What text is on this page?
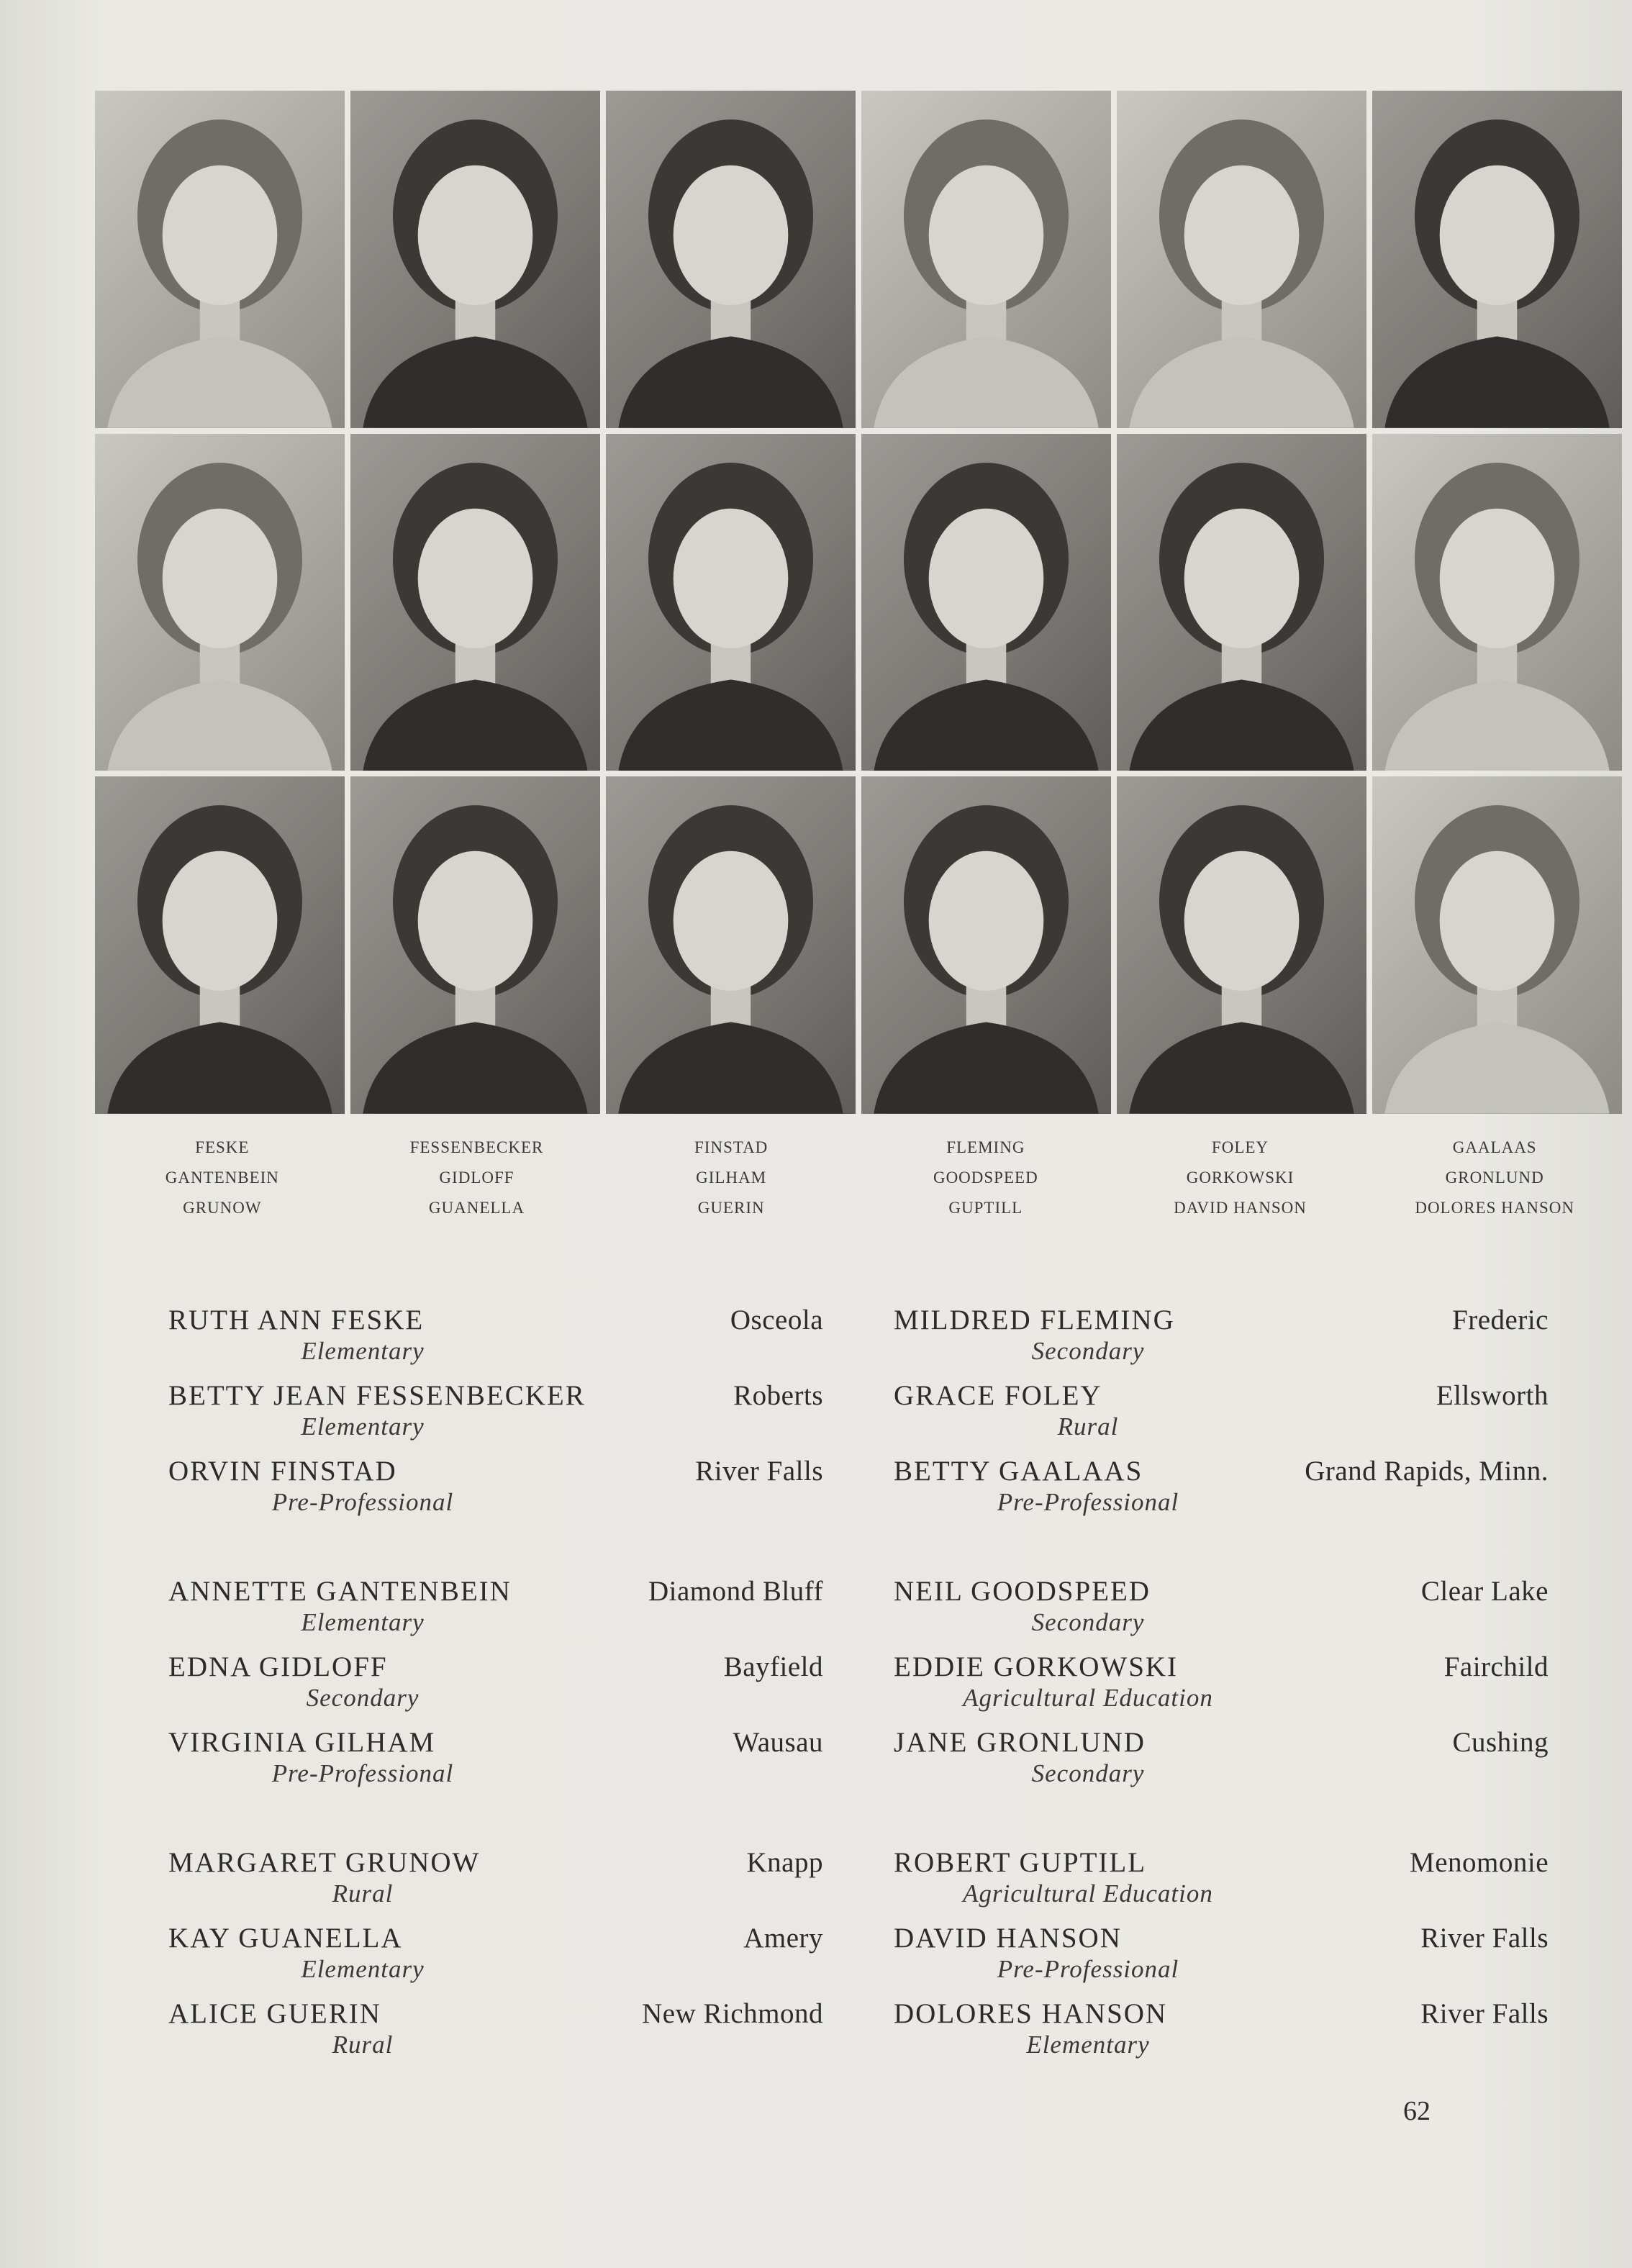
FESKE
GANTENBEIN
GRUNOW
FESSENBECKER
GIDLOFF
GUANELLA
FINSTAD
GILHAM
GUERIN
FLEMING
GOODSPEED
GUPTILL
FOLEY
GORKOWSKI
DAVID HANSON
GAALAAS
GRONLUND
DOLORES HANSON
RUTH ANN FESKE	Osceola
Elementary
BETTY JEAN FESSENBECKER	Roberts
Elementary
ORVIN FINSTAD	River Falls
Pre-Professional
ANNETTE GANTENBEIN	Diamond Bluff
Elementary
EDNA GIDLOFF	Bayfield
Secondary
VIRGINIA GILHAM	Wausau
Pre-Professional
MARGARET GRUNOW	Knapp
Rural
KAY GUANELLA	Amery
Elementary
ALICE GUERIN	New Richmond
Rural
MILDRED FLEMING	Frederic
Secondary
GRACE FOLEY	Ellsworth
Rural
BETTY GAALAAS	Grand Rapids, Minn.
Pre-Professional
NEIL GOODSPEED	Clear Lake
Secondary
EDDIE GORKOWSKI	Fairchild
Agricultural Education
JANE GRONLUND	Cushing
Secondary
ROBERT GUPTILL	Menomonie
Agricultural Education
DAVID HANSON	River Falls
Pre-Professional
DOLORES HANSON	River Falls
Elementary
62
